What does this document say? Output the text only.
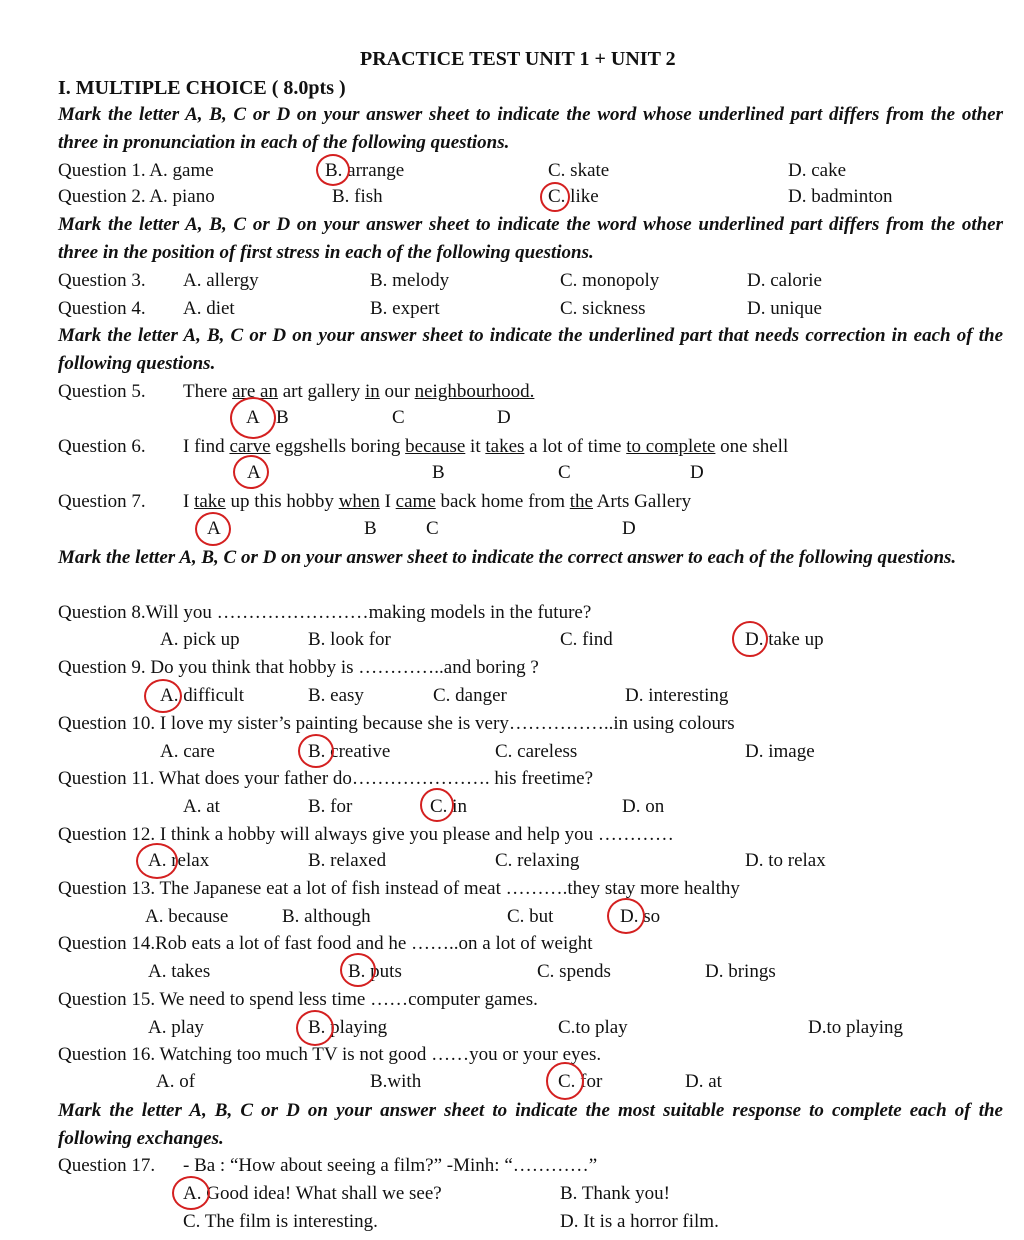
PRACTICE TEST UNIT 1 + UNIT 2
I. MULTIPLE CHOICE ( 8.0pts )
Mark the letter A, B, C or D on your answer sheet to indicate the word whose underlined part differs from the other three in pronunciation in each of the following questions.
Question 1. A. game	B. arrange	C. skate	D. cake
Question 2. A. piano	B. fish	C. like	D. badminton
Mark the letter A, B, C or D on your answer sheet to indicate the word whose underlined part differs from the other three in the position of first stress in each of the following questions.
Question 3. A. allergy	B. melody	C. monopoly	D. calorie
Question 4. A. diet	B. expert	C. sickness	D. unique
Mark the letter A, B, C or D on your answer sheet to indicate the underlined part that needs correction in each of the following questions.
Question 5. There are an art gallery in our neighbourhood.
A B	C	D
Question 6. I find carve eggshells boring because it takes a lot of time to complete one shell
A	B	C	D
Question 7. I take up this hobby when I came back home from the Arts Gallery
A	B	C	D
Mark the letter A, B, C or D on your answer sheet to indicate the correct answer to each of the following questions.
Question 8.Will you ……………………making models in the future?
A. pick up	B. look for	C. find	D. take up
Question 9. Do you think that hobby is …………..and boring ?
A. difficult	B. easy	C. danger	D. interesting
Question 10. I love my sister’s painting because she is very……………..in using colours
A. care	B. creative	C. careless	D. image
Question 11. What does your father do…………………. his freetime?
A. at	B. for	C. in	D. on
Question 12. I think a hobby will always give you please and help you …………
A. relax	B. relaxed	C. relaxing	D. to relax
Question 13. The Japanese eat a lot of fish instead of meat ……….they stay more healthy
A. because	B. although	C. but	D. so
Question 14.Rob eats a lot of fast food and he ……..on a lot of weight
A. takes	B. puts	C. spends	D. brings
Question 15. We need to spend less time ……computer games.
A. play	B. playing	C.to play	D.to playing
Question 16. Watching too much TV is not good ……you or your eyes.
A. of	B.with	C. for	D. at
Mark the letter A, B, C or D on your answer sheet to indicate the most suitable response to complete each of the following exchanges.
Question 17. - Ba : “How about seeing a film?” -Minh: “…………”
A. Good idea! What shall we see?	B. Thank you!
C. The film is interesting.	D. It is a horror film.
